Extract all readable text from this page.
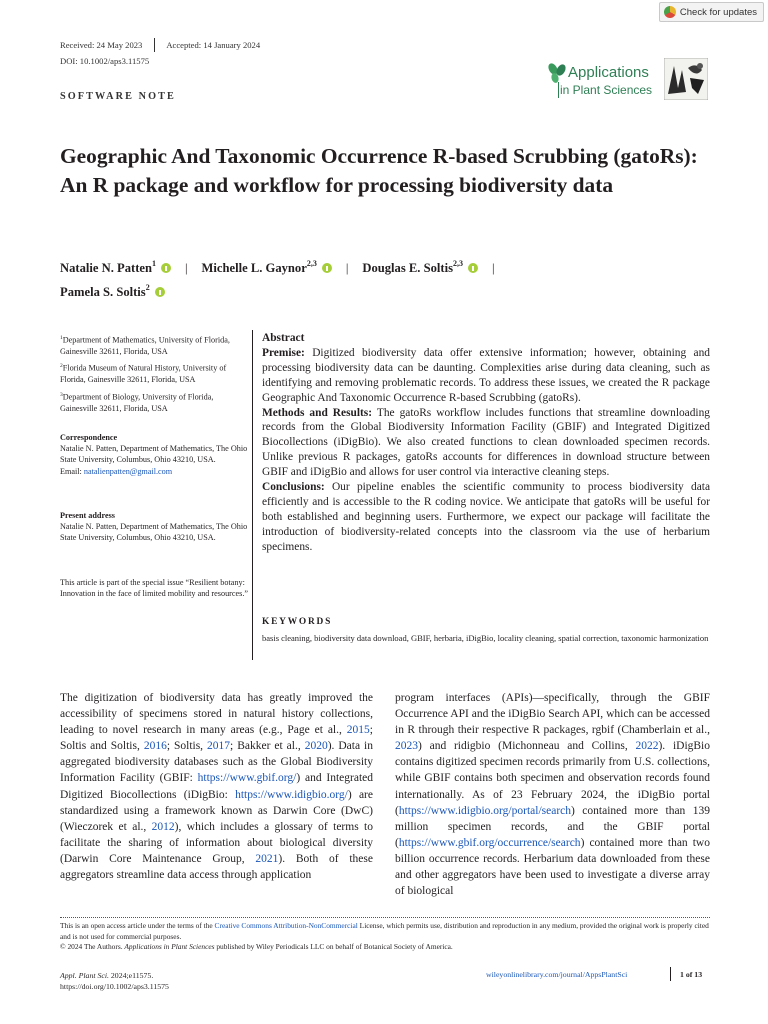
Check for updates
Received: 24 May 2023	Accepted: 14 January 2024
DOI: 10.1002/aps3.11575
SOFTWARE NOTE
Applications
in Plant Sciences
Geographic And Taxonomic Occurrence R-based Scrubbing (gatoRs): An R package and workflow for processing biodiversity data
Natalie N. Patten$^1$ | Michelle L. Gaynor$^{2,3}$ | Douglas E. Soltis$^{2,3}$ |
Pamela S. Soltis$^2$
$^1$Department of Mathematics, University of Florida, Gainesville 32611, Florida, USA
$^2$Florida Museum of Natural History, University of Florida, Gainesville 32611, Florida, USA
$^3$Department of Biology, University of Florida, Gainesville 32611, Florida, USA
Correspondence
Natalie N. Patten, Department of Mathematics, The Ohio State University, Columbus, Ohio 43210, USA.
Email: natalienpatten@gmail.com
Present address
Natalie N. Patten, Department of Mathematics, The Ohio State University, Columbus, Ohio 43210, USA.
This article is part of the special issue “Resilient botany: Innovation in the face of limited mobility and resources.”

Abstract

Premise: Digitized biodiversity data offer extensive information; however, obtaining and processing biodiversity data can be daunting. Complexities arise during data cleaning, such as identifying and removing problematic records. To address these issues, we created the R package Geographic And Taxonomic Occurrence R-based Scrubbing (gatoRs).

Methods and Results: The gatoRs workflow includes functions that streamline downloading records from the Global Biodiversity Information Facility (GBIF) and Integrated Digitized Biocollections (iDigBio). We also created functions to clean downloaded specimen records. Unlike previous R packages, gatoRs accounts for differences in download structure between GBIF and iDigBio and allows for user control via interactive cleaning steps.

Conclusions: Our pipeline enables the scientific community to process biodiversity data efficiently and is accessible to the R coding novice. We anticipate that gatoRs will be useful for both established and beginning users. Furthermore, we expect our package will facilitate the introduction of biodiversity-related concepts into the classroom via the use of herbarium specimens.

KEYWORDS
basis cleaning, biodiversity data download, GBIF, herbaria, iDigBio, locality cleaning, spatial correction, taxonomic harmonization
The digitization of biodiversity data has greatly improved the accessibility of specimens stored in natural history collections, leading to novel research in many areas (e.g., Page et al., 2015; Soltis and Soltis, 2016; Soltis, 2017; Bakker et al., 2020). Data in aggregated biodiversity databases such as the Global Biodiversity Information Facility (GBIF: https://www.gbif.org/) and Integrated Digitized Biocollections (iDigBio: https://www.idigbio.org/) are standardized using a framework known as Darwin Core (DwC) (Wieczorek et al., 2012), which includes a glossary of terms to facilitate the sharing of information about biological diversity (Darwin Core Maintenance Group, 2021). Both of these aggregators streamline data access through application
program interfaces (APIs)—specifically, through the GBIF Occurrence API and the iDigBio Search API, which can be accessed in R through their respective R packages, rgbif (Chamberlain et al., 2023) and ridigbio (Michonneau and Collins, 2022). iDigBio contains digitized specimen records primarily from U.S. collections, while GBIF contains both specimen and observation records found internationally. As of 23 February 2024, the iDigBio portal (https://www.idigbio.org/portal/search) contained more than 139 million specimen records, and the GBIF portal (https://www.gbif.org/occurrence/search) contained more than two billion occurrence records. Herbarium data downloaded from these and other aggregators have been used to investigate a diverse array of biological
This is an open access article under the terms of the Creative Commons Attribution-NonCommercial License, which permits use, distribution and reproduction in any medium, provided the original work is properly cited and is not used for commercial purposes.
© 2024 The Authors. Applications in Plant Sciences published by Wiley Periodicals LLC on behalf of Botanical Society of America.
Appl. Plant Sci. 2024;e11575.
https://doi.org/10.1002/aps3.11575
wileyonlinelibrary.com/journal/AppsPlantSci	1 of 13
